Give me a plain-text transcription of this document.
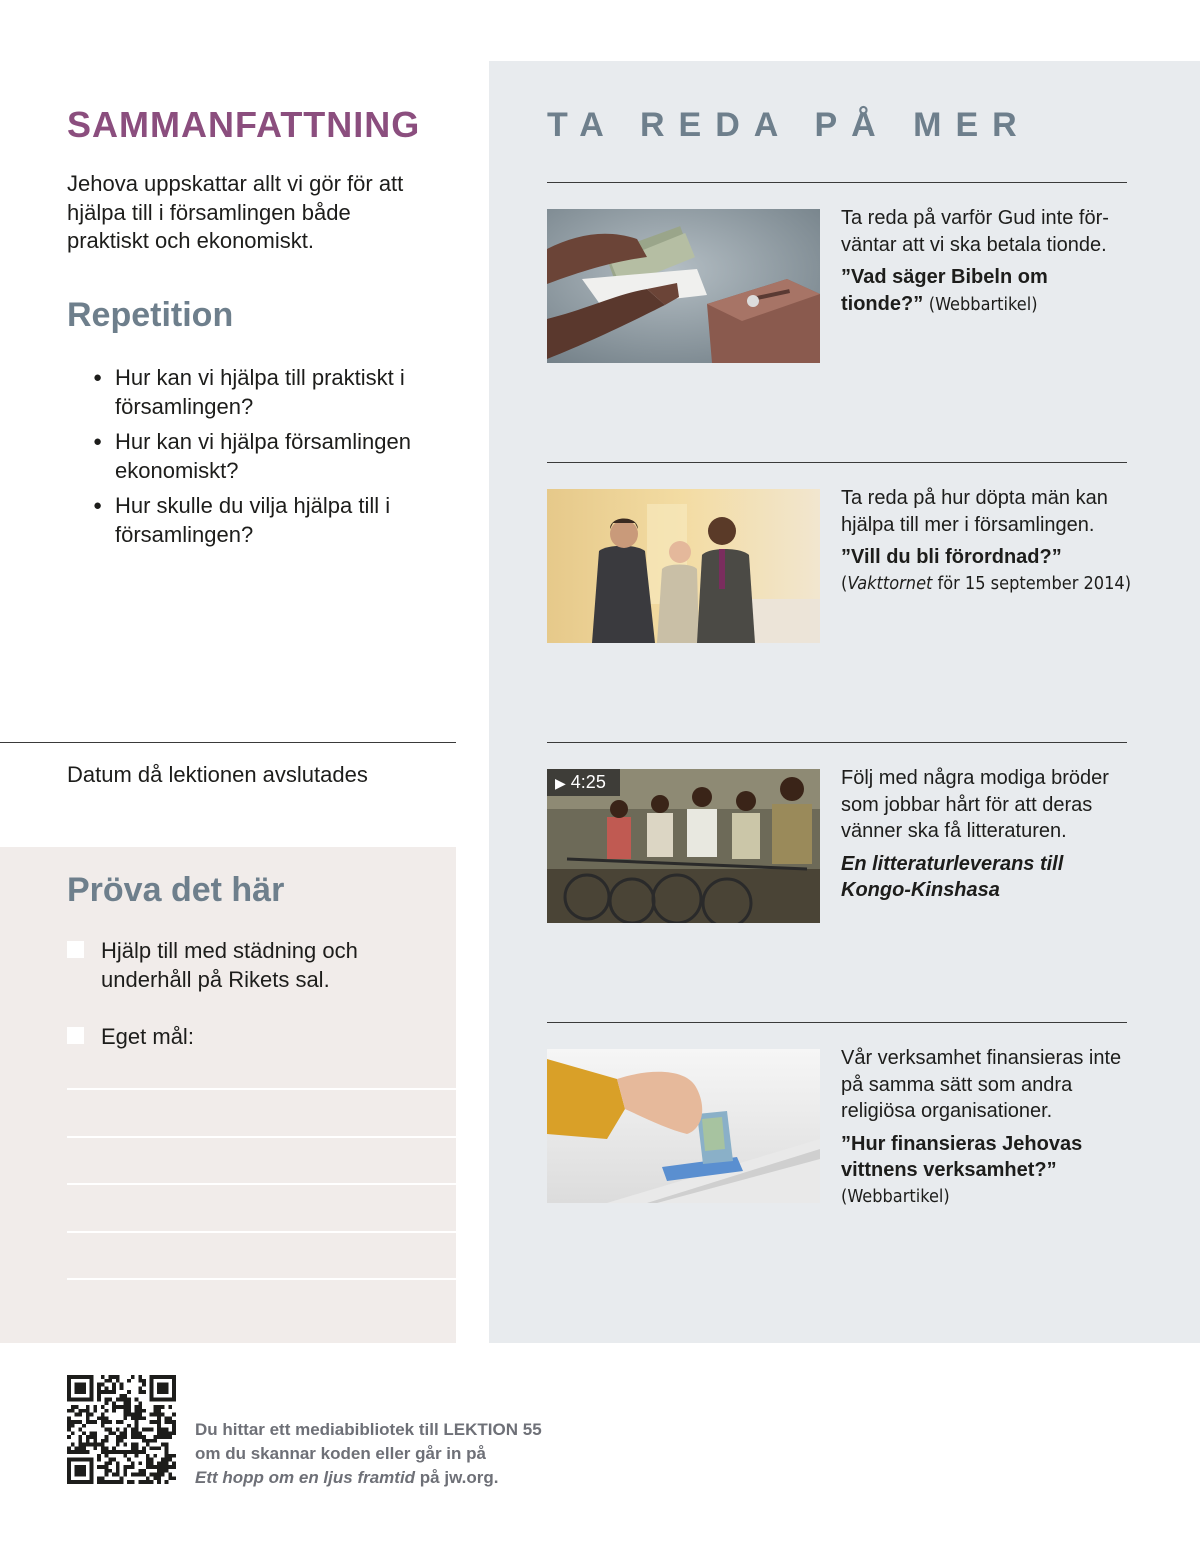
SAMMANFATTNING

Jehova uppskattar allt vi gör för att hjälpa till i församlingen både praktiskt och ekonomiskt.

Repetition
● Hur kan vi hjälpa till praktiskt i församlingen?
● Hur kan vi hjälpa församlingen ekonomiskt?
● Hur skulle du vilja hjälpa till i församlingen?

Datum då lektionen avslutades

Pröva det här
Hjälp till med städning och underhåll på Rikets sal.
Eget mål:
TA REDA PÅ MER

Ta reda på varför Gud inte förväntar att vi ska betala tionde.

”Vad säger Bibeln om tionde?” (Webbartikel)

Ta reda på hur döpta män kan hjälpa till mer i församlingen.

”Vill du bli förordnad?”

(Vakttornet för 15 september 2014)

▶ 4:25	Följ med några modiga bröder som jobbar hårt för att deras vänner ska få litteraturen.

En litteraturleverans till Kongo-Kinshasa

Vår verksamhet finansieras inte på samma sätt som andra religiösa organisationer.

”Hur finansieras Jehovas vittnens verksamhet?”

(Webbartikel)

Du hittar ett mediabibliotek till LEKTION 55
om du skannar koden eller går in på
Ett hopp om en ljus framtid på jw.org.
